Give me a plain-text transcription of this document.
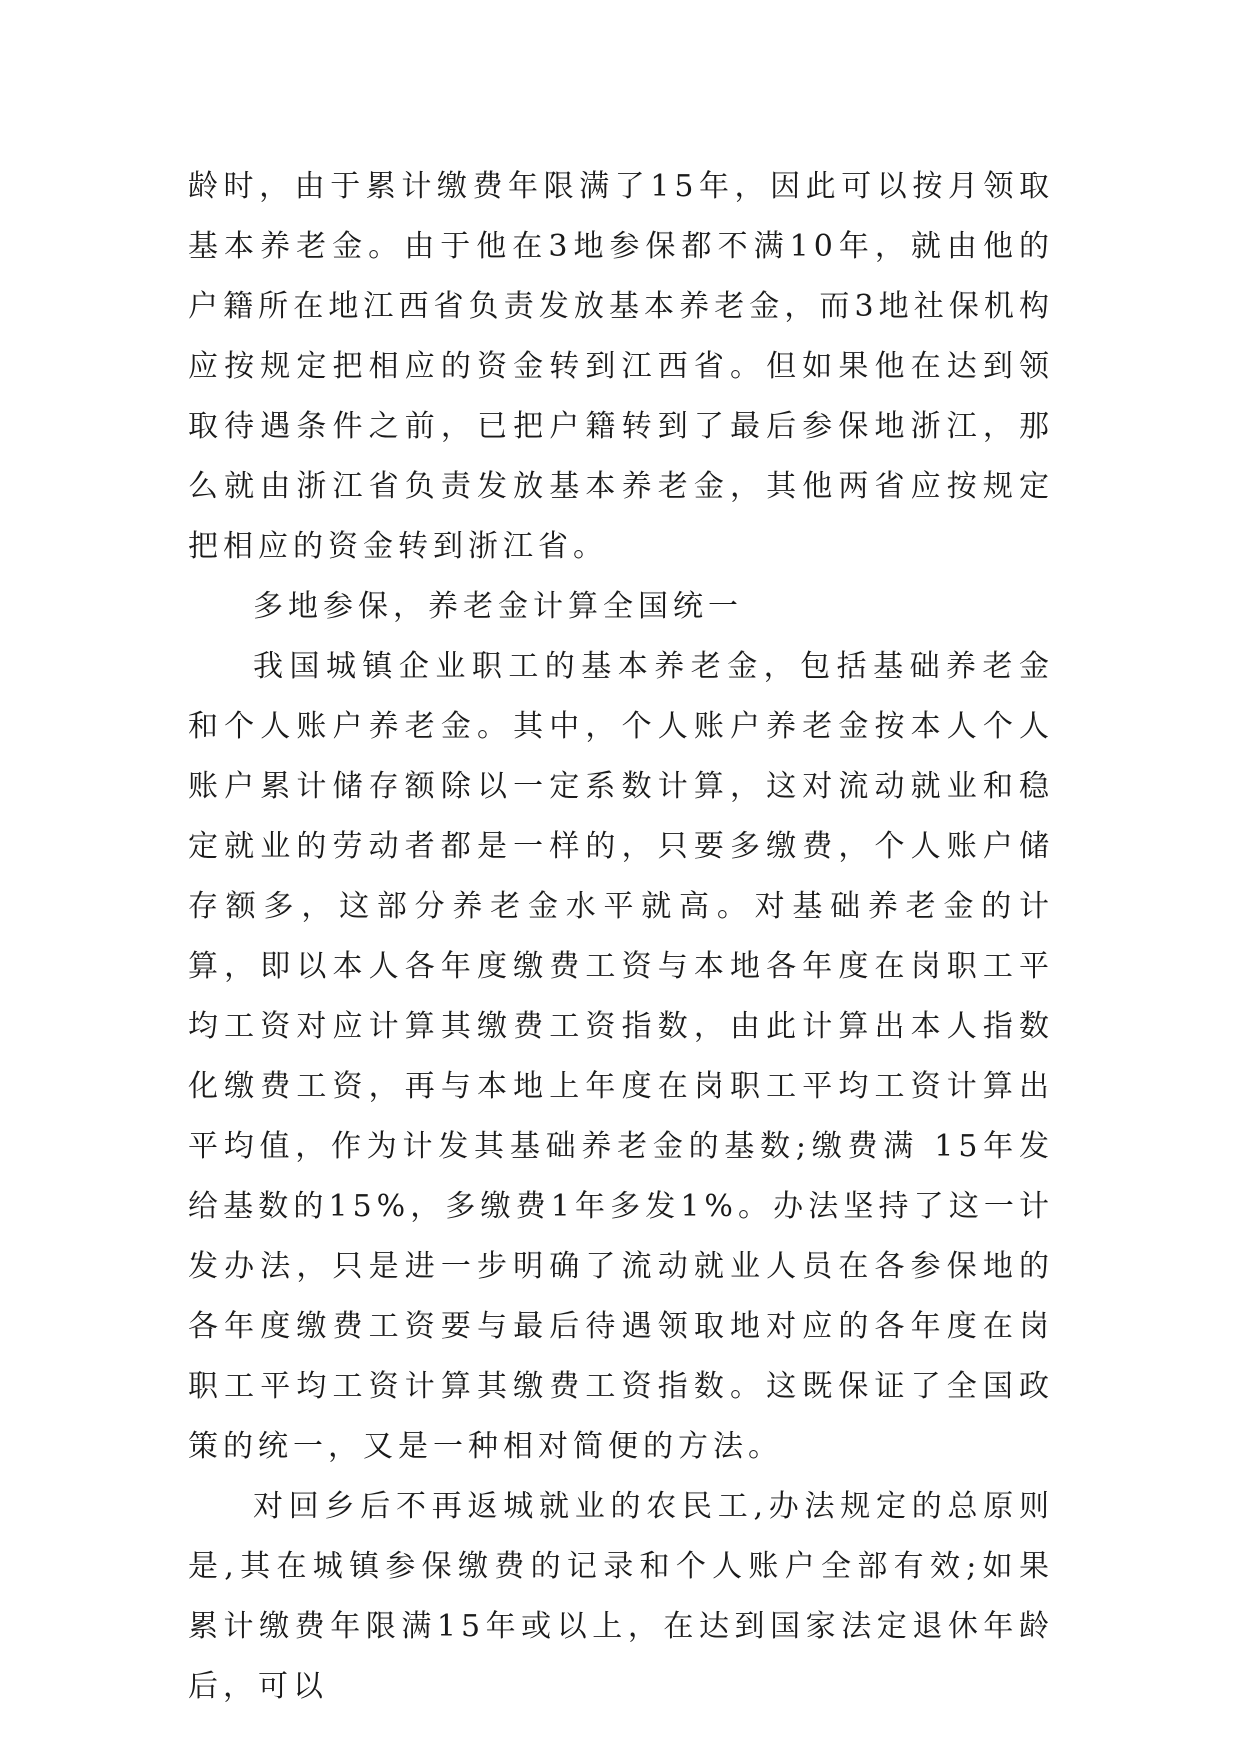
龄时，由于累计缴费年限满了15年，因此可以按月领取基本养老金。由于他在3地参保都不满10年，就由他的户籍所在地江西省负责发放基本养老金，而3地社保机构应按规定把相应的资金转到江西省。但如果他在达到领取待遇条件之前，已把户籍转到了最后参保地浙江，那么就由浙江省负责发放基本养老金，其他两省应按规定把相应的资金转到浙江省。

多地参保，养老金计算全国统一

我国城镇企业职工的基本养老金，包括基础养老金和个人账户养老金。其中，个人账户养老金按本人个人账户累计储存额除以一定系数计算，这对流动就业和稳定就业的劳动者都是一样的，只要多缴费，个人账户储存额多，这部分养老金水平就高。对基础养老金的计算，即以本人各年度缴费工资与本地各年度在岗职工平均工资对应计算其缴费工资指数，由此计算出本人指数化缴费工资，再与本地上年度在岗职工平均工资计算出平均值，作为计发其基础养老金的基数;缴费满 15年发给基数的15%，多缴费1年多发1%。办法坚持了这一计发办法，只是进一步明确了流动就业人员在各参保地的各年度缴费工资要与最后待遇领取地对应的各年度在岗职工平均工资计算其缴费工资指数。这既保证了全国政策的统一，又是一种相对简便的方法。

对回乡后不再返城就业的农民工,办法规定的总原则是,其在城镇参保缴费的记录和个人账户全部有效;如果累计缴费年限满15年或以上，在达到国家法定退休年龄后，可以
